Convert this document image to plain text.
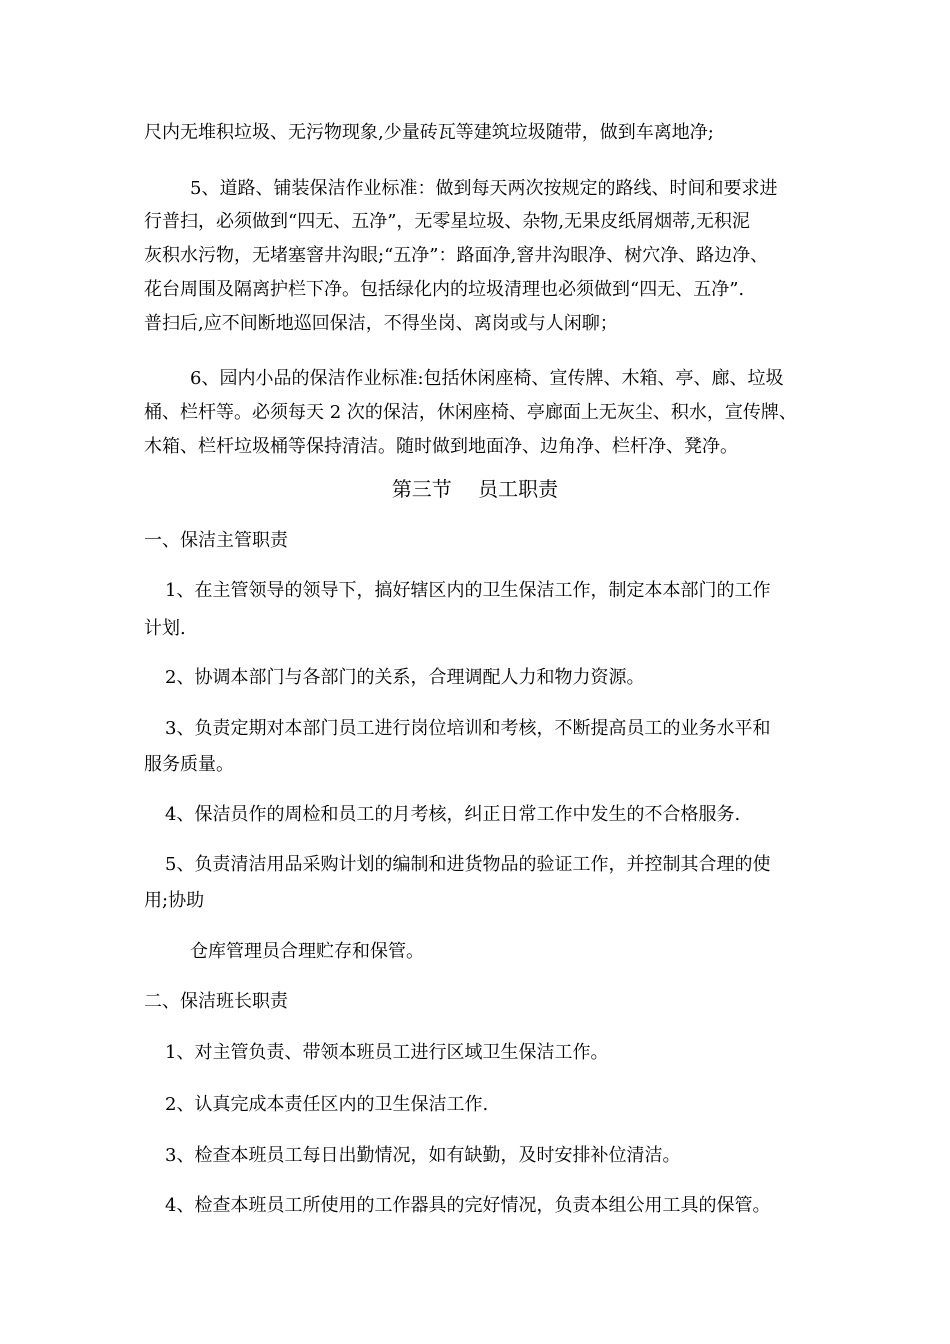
尺内无堆积垃圾、无污物现象,少量砖瓦等建筑垃圾随带，做到车离地净;
5、道路、铺装保洁作业标准：做到每天两次按规定的路线、时间和要求进
行普扫，必须做到“四无、五净”，无零星垃圾、杂物,无果皮纸屑烟蒂,无积泥
灰积水污物，无堵塞窨井沟眼;“五净”：路面净,窨井沟眼净、树穴净、路边净、
花台周围及隔离护栏下净。包括绿化内的垃圾清理也必须做到“四无、五净”.
普扫后,应不间断地巡回保洁，不得坐岗、离岗或与人闲聊；
6、园内小品的保洁作业标准:包括休闲座椅、宣传牌、木箱、亭、廊、垃圾
桶、栏杆等。必须每天 2 次的保洁，休闲座椅、亭廊面上无灰尘、积水，宣传牌、
木箱、栏杆垃圾桶等保持清洁。随时做到地面净、边角净、栏杆净、凳净。
第三节　 员工职责
一、保洁主管职责
1、在主管领导的领导下，搞好辖区内的卫生保洁工作，制定本本部门的工作
计划.
2、协调本部门与各部门的关系，合理调配人力和物力资源。
3、负责定期对本部门员工进行岗位培训和考核，不断提高员工的业务水平和
服务质量。
4、保洁员作的周检和员工的月考核，纠正日常工作中发生的不合格服务.
5、负责清洁用品采购计划的编制和进货物品的验证工作，并控制其合理的使
用;协助
仓库管理员合理贮存和保管。
二、保洁班长职责
1、对主管负责、带领本班员工进行区域卫生保洁工作。
2、认真完成本责任区内的卫生保洁工作.
3、检查本班员工每日出勤情况，如有缺勤，及时安排补位清洁。
4、检查本班员工所使用的工作器具的完好情况，负责本组公用工具的保管。
